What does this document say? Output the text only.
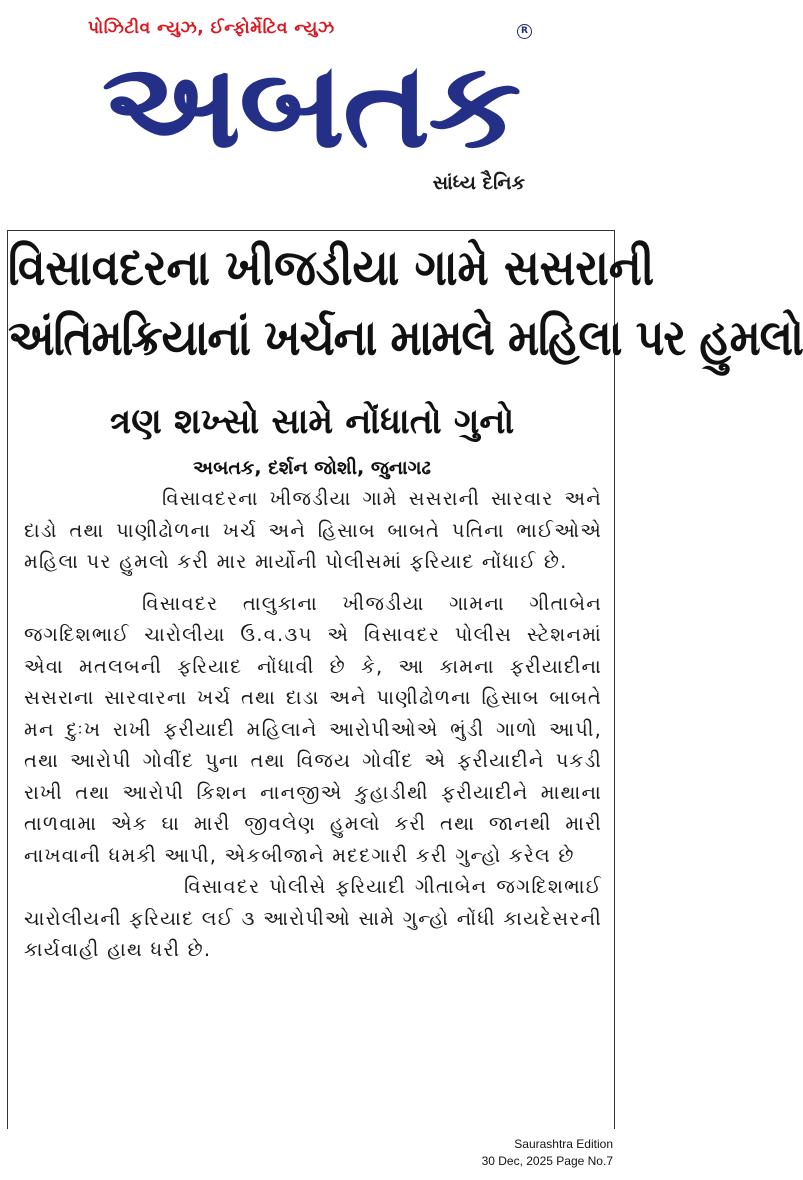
પોઝિટીવ ન્યુઝ, ઈન્ફોર્મેટિવ ન્યુઝ	R
અબતક
સાંધ્ય દૈનિક
વિસાવદરના ખીજડીયા ગામે સસરાની
અંતિમક્રિયાનાં ખર્ચના મામલે મહિલા પર હુમલો
ત્રણ શખ્સો સામે નોંધાતો ગુનો
અબતક, દર્શન જોશી, જુનાગઢ

વિસાવદરના ખીજડીયા ગામે સસરાની સારવાર અને દાડો તથા પાણીઢોળના ખર્ચ અને હિસાબ બાબતે પતિના ભાઈઓએ મહિલા પર હુમલો કરી માર માર્યોની પોલીસમાં ફરિયાદ નોંધાઈ છે.

વિસાવદર તાલુકાના ખીજડીયા ગામના ગીતાબેન જગદિશભાઈ ચારોલીયા ઉ.વ.૩૫ એ વિસાવદર પોલીસ સ્ટેશનમાં એવા મતલબની ફરિયાદ નોંધાવી છે કે, આ કામના ફરીયાદીના સસરાના સારવારના ખર્ચ તથા દાડા અને પાણીઢોળના હિસાબ બાબતે મન દુઃખ રાખી ફરીયાદી મહિલાને આરોપીઓએ ભુંડી ગાળો આપી, તથા આરોપી ગોવીંદ પુના તથા વિજય ગોવીંદ એ ફરીયાદીને પકડી રાખી તથા આરોપી કિશન નાનજીએ કુહાડીથી ફરીયાદીને માથાના તાળવામા એક ઘા મારી જીવલેણ હુમલો કરી તથા જાનથી મારી નાખવાની ધમકી આપી, એકબીજાને મદદગારી કરી ગુન્હો કરેલ છે

વિસાવદર પોલીસે ફરિયાદી ગીતાબેન જગદિશભાઈ ચારોલીયની ફરિયાદ લઈ ૩ આરોપીઓ સામે ગુન્હો નોંધી કાયદેસરની કાર્યવાહી હાથ ધરી છે.

Saurashtra Edition
30 Dec, 2025 Page No.7
